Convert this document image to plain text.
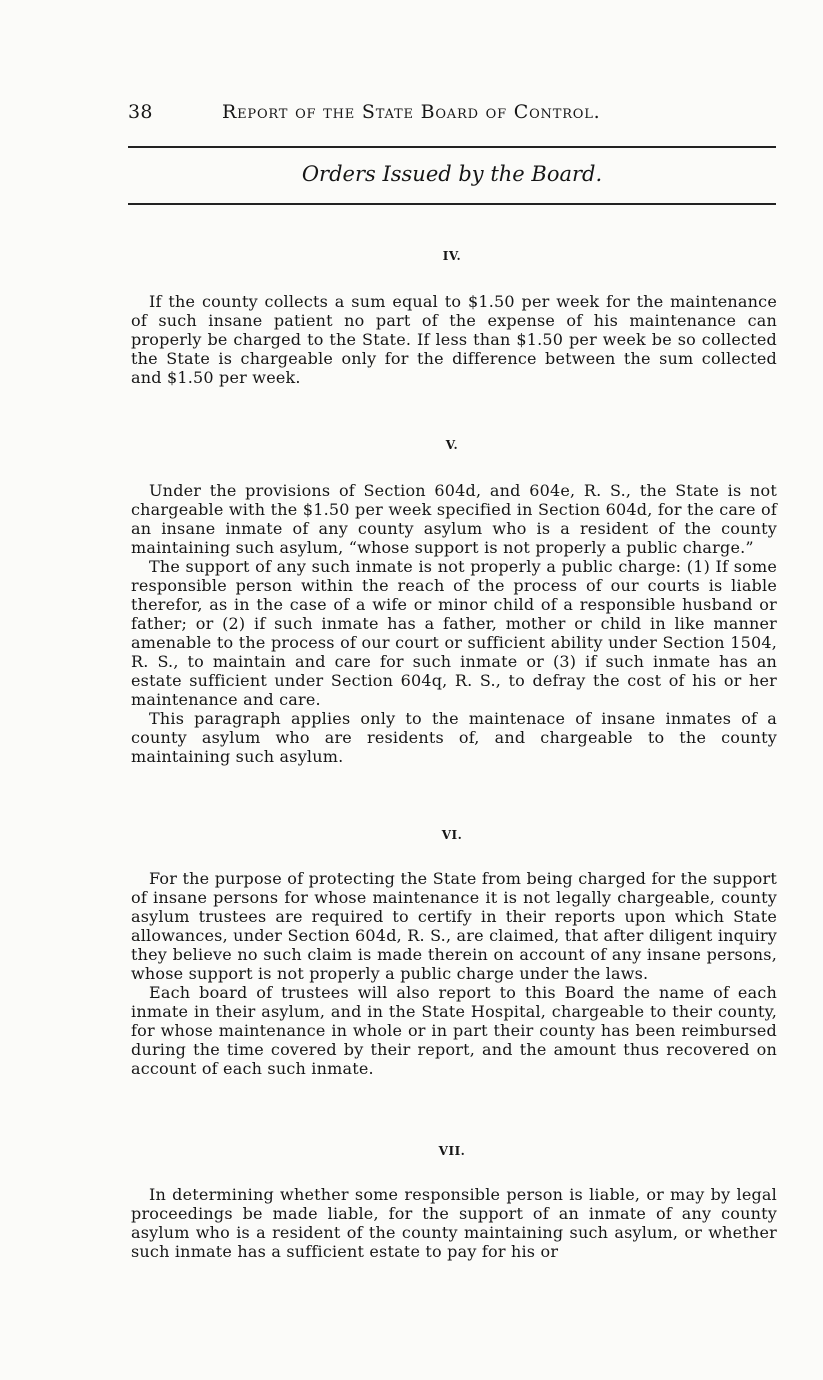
38	Report of the State Board of Control.
Orders Issued by the Board.
IV.

If the county collects a sum equal to $1.50 per week for the maintenance of such insane patient no part of the expense of his maintenance can properly be charged to the State. If less than $1.50 per week be so collected the State is chargeable only for the difference between the sum collected and $1.50 per week.

V.

Under the provisions of Section 604d, and 604e, R. S., the State is not chargeable with the $1.50 per week specified in Section 604d, for the care of an insane inmate of any county asylum who is a resident of the county maintaining such asylum, “whose support is not properly a public charge.”

The support of any such inmate is not properly a public charge: (1) If some responsible person within the reach of the process of our courts is liable therefor, as in the case of a wife or minor child of a responsible husband or father; or (2) if such inmate has a father, mother or child in like manner amenable to the process of our court or sufficient ability under Section 1504, R. S., to maintain and care for such inmate or (3) if such inmate has an estate sufficient under Section 604q, R. S., to defray the cost of his or her maintenance and care.

This paragraph applies only to the maintenace of insane inmates of a county asylum who are residents of, and chargeable to the county maintaining such asylum.

VI.

For the purpose of protecting the State from being charged for the support of insane persons for whose maintenance it is not legally chargeable, county asylum trustees are required to certify in their reports upon which State allowances, under Section 604d, R. S., are claimed, that after diligent inquiry they believe no such claim is made therein on account of any insane persons, whose support is not properly a public charge under the laws.

Each board of trustees will also report to this Board the name of each inmate in their asylum, and in the State Hospital, chargeable to their county, for whose maintenance in whole or in part their county has been reimbursed during the time covered by their report, and the amount thus recovered on account of each such inmate.

VII.

In determining whether some responsible person is liable, or may by legal proceedings be made liable, for the support of an inmate of any county asylum who is a resident of the county maintaining such asylum, or whether such inmate has a sufficient estate to pay for his or
